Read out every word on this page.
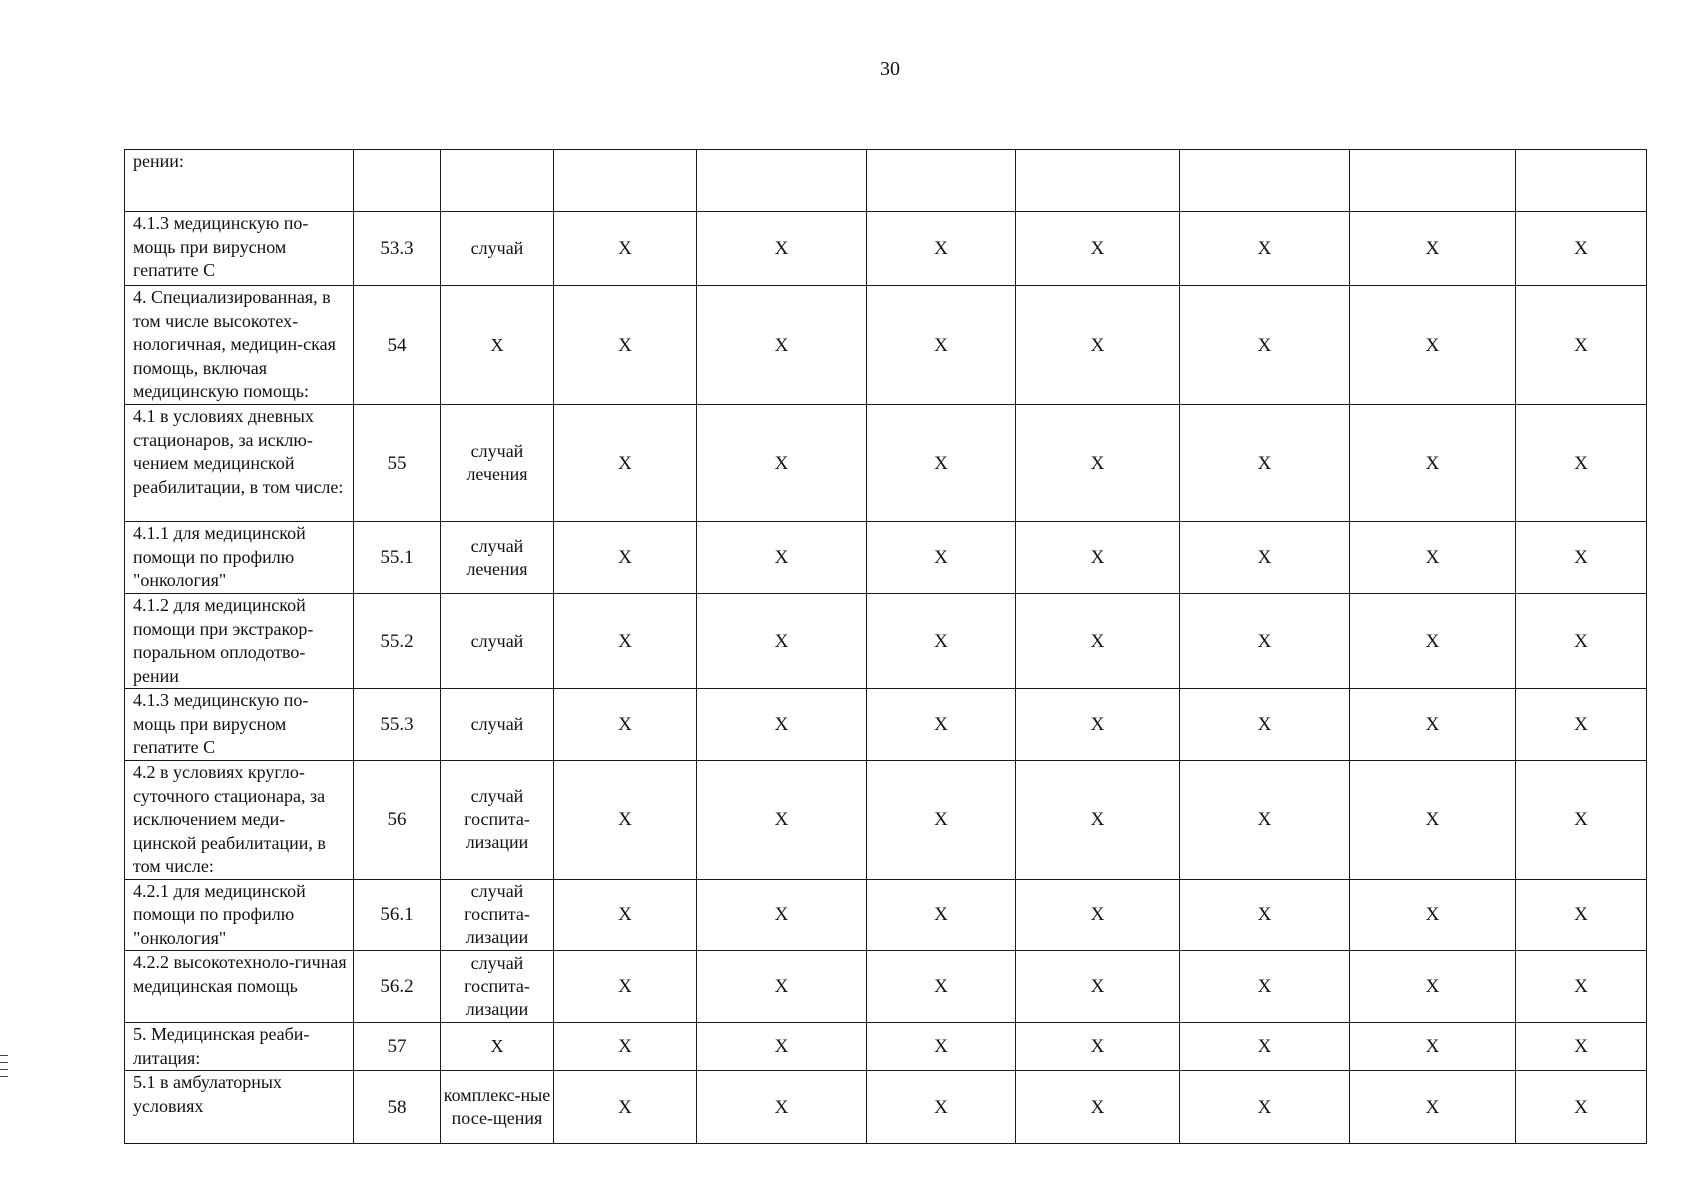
30
рении:									
4.1.3 медицинскую по-мощь при вирусном гепатите С	53.3	случай	X	X	X	X	X	X	X
4. Специализированная, в том числе высокотех-нологичная, медицин-ская помощь, включая медицинскую помощь:	54	X	X	X	X	X	X	X	X
4.1 в условиях дневных стационаров, за исклю-чением медицинской реабилитации, в том числе:	55	случай лечения	X	X	X	X	X	X	X
4.1.1 для медицинской помощи по профилю "онкология"	55.1	случай лечения	X	X	X	X	X	X	X
4.1.2 для медицинской помощи при экстракор-поральном оплодотво-рении	55.2	случай	X	X	X	X	X	X	X
4.1.3 медицинскую по-мощь при вирусном гепатите С	55.3	случай	X	X	X	X	X	X	X
4.2 в условиях кругло-суточного стационара, за исключением меди-цинской реабилитации, в том числе:	56	случай госпита-лизации	X	X	X	X	X	X	X
4.2.1 для медицинской помощи по профилю "онкология"	56.1	случай госпита-лизации	X	X	X	X	X	X	X
4.2.2 высокотехноло-гичная медицинская помощь	56.2	случай госпита-лизации	X	X	X	X	X	X	X
5. Медицинская реаби-литация:	57	X	X	X	X	X	X	X	X
5.1 в амбулаторных условиях	58	комплекс-ные посе-щения	X	X	X	X	X	X	X
